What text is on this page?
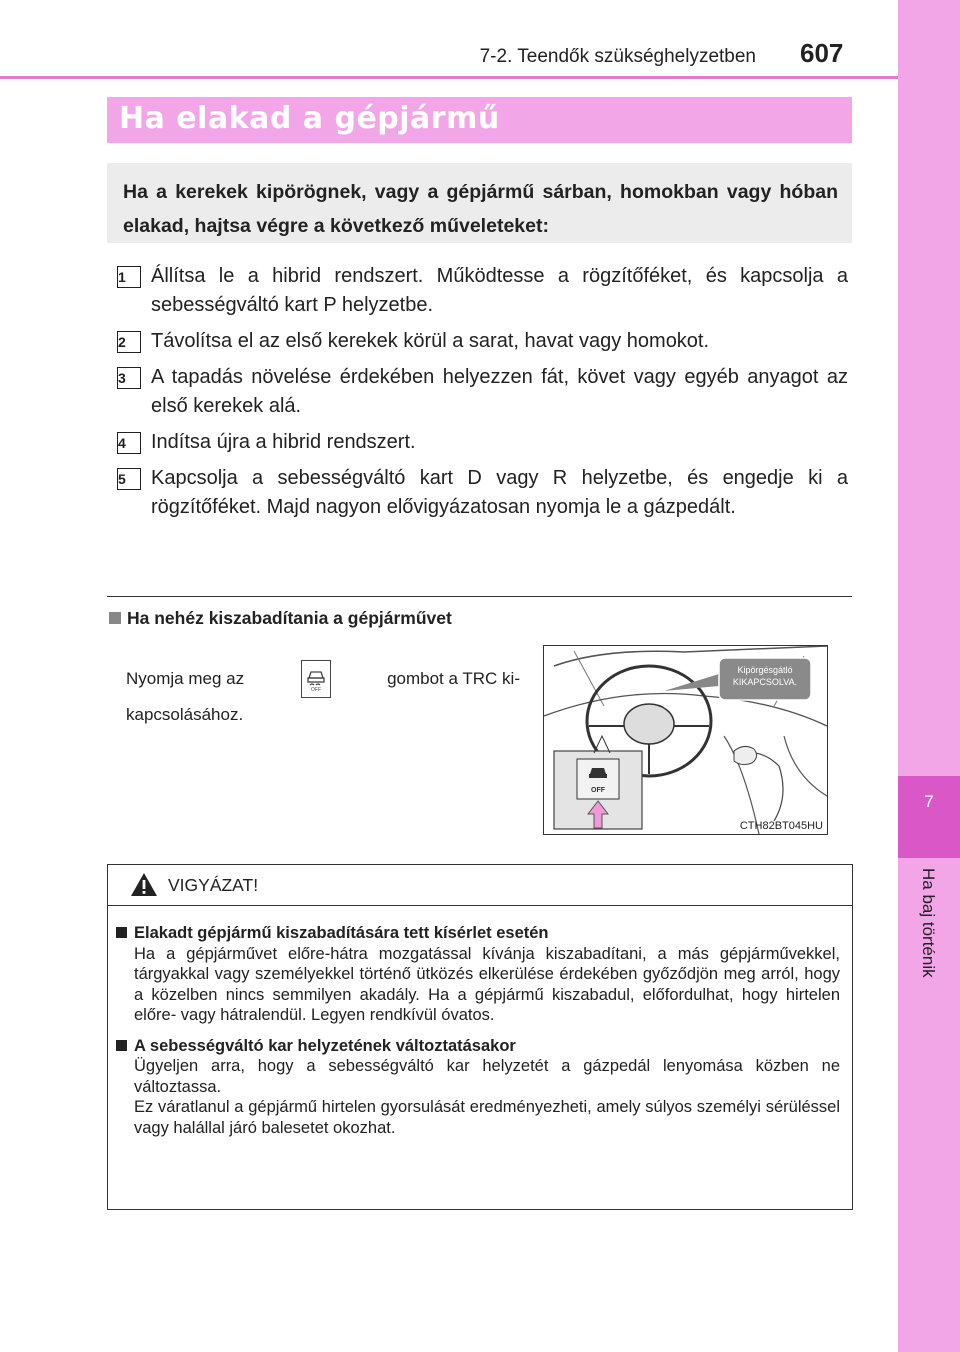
7
Ha baj történik
7-2. Teendők szükséghelyzetben 607
Ha elakad a gépjármű

Ha a kerekek kipörögnek, vagy a gépjármű sárban, homokban vagy hóban elakad, hajtsa végre a következő műveleteket:

1	Állítsa le a hibrid rendszert. Működtesse a rögzítőféket, és kapcsolja a sebességváltó kart P helyzetbe.
2	Távolítsa el az első kerekek körül a sarat, havat vagy homokot.
3	A tapadás növelése érdekében helyezzen fát, követ vagy egyéb anyagot az első kerekek alá.
4	Indítsa újra a hibrid rendszert.
5	Kapcsolja a sebességváltó kart D vagy R helyzetbe, és engedje ki a rögzítőféket. Majd nagyon elővigyázatosan nyomja le a gázpedált.
Ha nehéz kiszabadítania a gépjárművet
Nyomja meg az
OFF
gombot a TRC ki-
kapcsolásához.
OFF
Kipörgésgátló KIKAPCSOLVA.
CTH82BT045HU
VIGYÁZAT!
Elakadt gépjármű kiszabadítására tett kísérlet esetén
Ha a gépjárművet előre-hátra mozgatással kívánja kiszabadítani, a más gépjárművekkel, tárgyakkal vagy személyekkel történő ütközés elkerülése érdekében győződjön meg arról, hogy a közelben nincs semmilyen akadály. Ha a gépjármű kiszabadul, előfordulhat, hogy hirtelen előre- vagy hátralendül. Legyen rendkívül óvatos.
A sebességváltó kar helyzetének változtatásakor
Ügyeljen arra, hogy a sebességváltó kar helyzetét a gázpedál lenyomása közben ne változtassa.
Ez váratlanul a gépjármű hirtelen gyorsulását eredményezheti, amely súlyos személyi sérüléssel vagy halállal járó balesetet okozhat.
